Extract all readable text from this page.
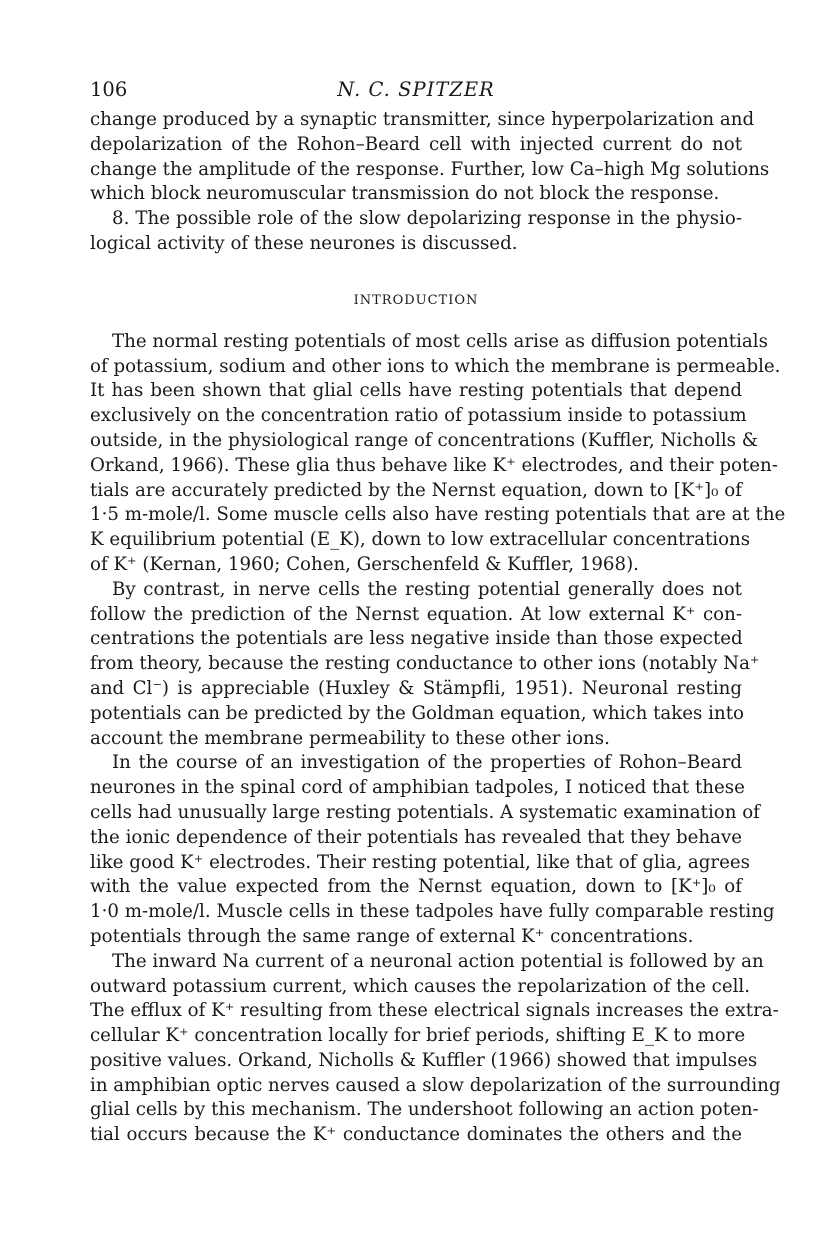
106	N. C. SPITZER
change produced by a synaptic transmitter, since hyperpolarization and
depolarization of the Rohon–Beard cell with injected current do not
change the amplitude of the response. Further, low Ca–high Mg solutions
which block neuromuscular transmission do not block the response.
8. The possible role of the slow depolarizing response in the physio-
logical activity of these neurones is discussed.
INTRODUCTION
The normal resting potentials of most cells arise as diffusion potentials
of potassium, sodium and other ions to which the membrane is permeable.
It has been shown that glial cells have resting potentials that depend
exclusively on the concentration ratio of potassium inside to potassium
outside, in the physiological range of concentrations (Kuffler, Nicholls &
Orkand, 1966). These glia thus behave like K⁺ electrodes, and their poten-
tials are accurately predicted by the Nernst equation, down to [K⁺]₀ of
1·5 m-mole/l. Some muscle cells also have resting potentials that are at the
K equilibrium potential (E_K), down to low extracellular concentrations
of K⁺ (Kernan, 1960; Cohen, Gerschenfeld & Kuffler, 1968).
By contrast, in nerve cells the resting potential generally does not
follow the prediction of the Nernst equation. At low external K⁺ con-
centrations the potentials are less negative inside than those expected
from theory, because the resting conductance to other ions (notably Na⁺
and Cl⁻) is appreciable (Huxley & Stämpfli, 1951). Neuronal resting
potentials can be predicted by the Goldman equation, which takes into
account the membrane permeability to these other ions.
In the course of an investigation of the properties of Rohon–Beard
neurones in the spinal cord of amphibian tadpoles, I noticed that these
cells had unusually large resting potentials. A systematic examination of
the ionic dependence of their potentials has revealed that they behave
like good K⁺ electrodes. Their resting potential, like that of glia, agrees
with the value expected from the Nernst equation, down to [K⁺]₀ of
1·0 m-mole/l. Muscle cells in these tadpoles have fully comparable resting
potentials through the same range of external K⁺ concentrations.
The inward Na current of a neuronal action potential is followed by an
outward potassium current, which causes the repolarization of the cell.
The efflux of K⁺ resulting from these electrical signals increases the extra-
cellular K⁺ concentration locally for brief periods, shifting E_K to more
positive values. Orkand, Nicholls & Kuffler (1966) showed that impulses
in amphibian optic nerves caused a slow depolarization of the surrounding
glial cells by this mechanism. The undershoot following an action poten-
tial occurs because the K⁺ conductance dominates the others and the
